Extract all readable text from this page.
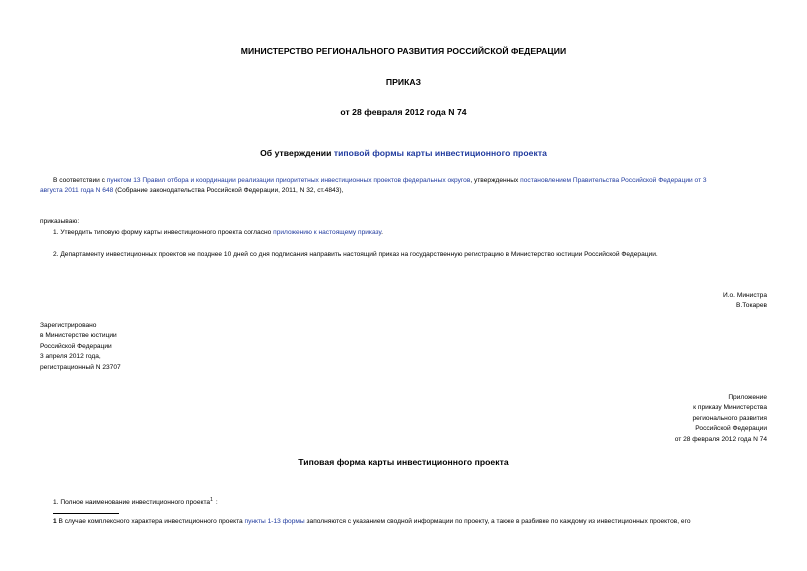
МИНИСТЕРСТВО РЕГИОНАЛЬНОГО РАЗВИТИЯ РОССИЙСКОЙ ФЕДЕРАЦИИ
ПРИКАЗ
от 28 февраля 2012 года N 74
Об утверждении типовой формы карты инвестиционного проекта
В соответствии с пунктом 13 Правил отбора и координации реализации приоритетных инвестиционных проектов федеральных округов, утвержденных постановлением Правительства Российской Федерации от 3
августа 2011 года N 648 (Собрание законодательства Российской Федерации, 2011, N 32, ст.4843),
приказываю:
1. Утвердить типовую форму карты инвестиционного проекта согласно приложению к настоящему приказу.
2. Департаменту инвестиционных проектов не позднее 10 дней со дня подписания направить настоящий приказ на государственную регистрацию в Министерство юстиции Российской Федерации.
И.о. Министра
В.Токарев
Зарегистрировано
в Министерстве юстиции
Российской Федерации
3 апреля 2012 года,
регистрационный N 23707
Приложение
к приказу Министерства
регионального развития
Российской Федерации
от 28 февраля 2012 года N 74
Типовая форма карты инвестиционного проекта
1. Полное наименование инвестиционного проекта$^1$ :
1 В случае комплексного характера инвестиционного проекта пункты 1-13 формы заполняются с указанием сводной информации по проекту, а также в разбивке по каждому из инвестиционных проектов, его
